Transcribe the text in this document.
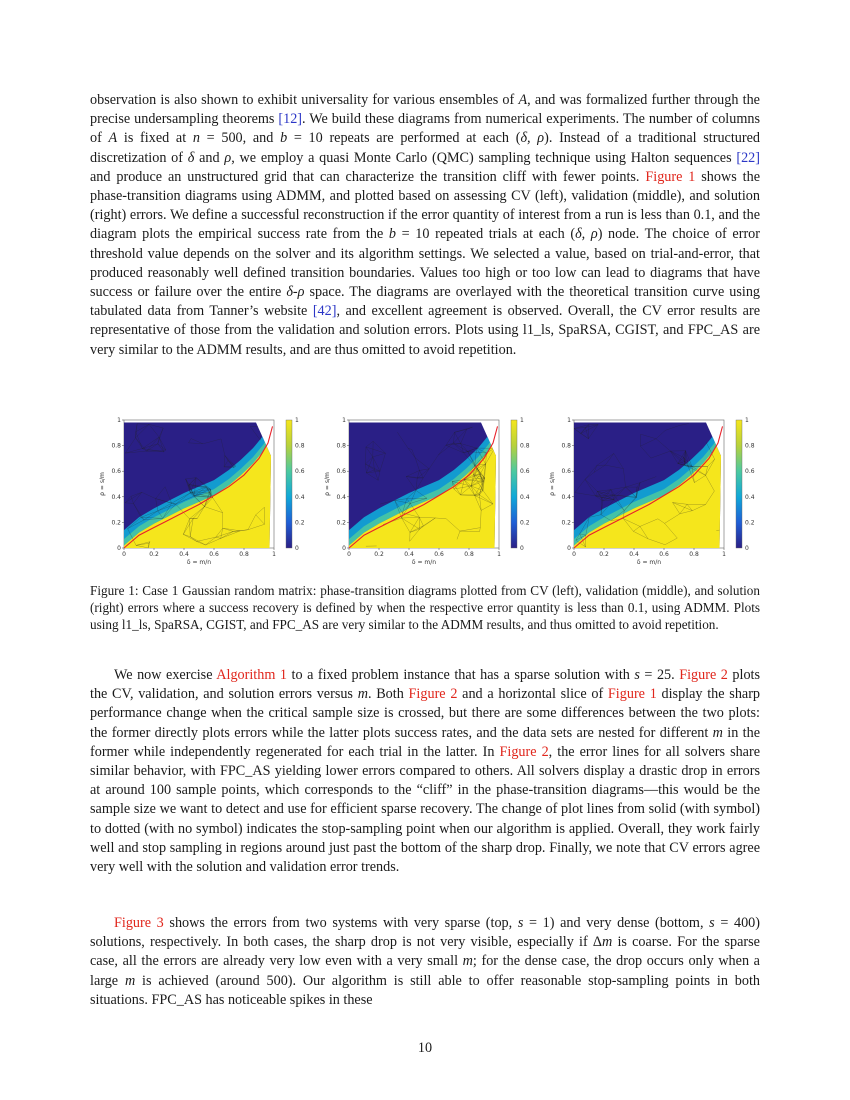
observation is also shown to exhibit universality for various ensembles of A, and was formalized further through the precise undersampling theorems [12]. We build these diagrams from numerical experiments. The number of columns of A is fixed at n = 500, and b = 10 repeats are performed at each (δ, ρ). Instead of a traditional structured discretization of δ and ρ, we employ a quasi Monte Carlo (QMC) sampling technique using Halton sequences [22] and produce an unstructured grid that can characterize the transition cliff with fewer points. Figure 1 shows the phase-transition diagrams using ADMM, and plotted based on assessing CV (left), validation (middle), and solution (right) errors. We define a successful reconstruction if the error quantity of interest from a run is less than 0.1, and the diagram plots the empirical success rate from the b = 10 repeated trials at each (δ, ρ) node. The choice of error threshold value depends on the solver and its algorithm settings. We selected a value, based on trial-and-error, that produced reasonably well defined transition boundaries. Values too high or too low can lead to diagrams that have success or failure over the entire δ-ρ space. The diagrams are overlayed with the theoretical transition curve using tabulated data from Tanner’s website [42], and excellent agreement is observed. Overall, the CV error results are representative of those from the validation and solution errors. Plots using l1_ls, SpaRSA, CGIST, and FPC_AS are very similar to the ADMM results, and are thus omitted to avoid repetition.

0	0.2	0.4	0.6	0.8	1
0
0.2
0.4
0.6
0.8
1
δ = m/n
ρ = s/m
0
0.2
0.4
0.6
0.8
1
0	0.2	0.4	0.6	0.8	1
0
0.2
0.4
0.6
0.8
1
δ = m/n
ρ = s/m
0
0.2
0.4
0.6
0.8
1
0	0.2	0.4	0.6	0.8	1
0
0.2
0.4
0.6
0.8
1
δ = m/n
ρ = s/m
0
0.2
0.4
0.6
0.8
1

Figure 1: Case 1 Gaussian random matrix: phase-transition diagrams plotted from CV (left), validation (middle), and solution (right) errors where a success recovery is defined by when the respective error quantity is less than 0.1, using ADMM. Plots using l1_ls, SpaRSA, CGIST, and FPC_AS are very similar to the ADMM results, and thus omitted to avoid repetition.

We now exercise Algorithm 1 to a fixed problem instance that has a sparse solution with s = 25. Figure 2 plots the CV, validation, and solution errors versus m. Both Figure 2 and a horizontal slice of Figure 1 display the sharp performance change when the critical sample size is crossed, but there are some differences between the two plots: the former directly plots errors while the latter plots success rates, and the data sets are nested for different m in the former while independently regenerated for each trial in the latter. In Figure 2, the error lines for all solvers share similar behavior, with FPC_AS yielding lower errors compared to others. All solvers display a drastic drop in errors at around 100 sample points, which corresponds to the “cliff” in the phase-transition diagrams—this would be the sample size we want to detect and use for efficient sparse recovery. The change of plot lines from solid (with symbol) to dotted (with no symbol) indicates the stop-sampling point when our algorithm is applied. Overall, they work fairly well and stop sampling in regions around just past the bottom of the sharp drop. Finally, we note that CV errors agree very well with the solution and validation error trends.

Figure 3 shows the errors from two systems with very sparse (top, s = 1) and very dense (bottom, s = 400) solutions, respectively. In both cases, the sharp drop is not very visible, especially if Δm is coarse. For the sparse case, all the errors are already very low even with a very small m; for the dense case, the drop occurs only when a large m is achieved (around 500). Our algorithm is still able to offer reasonable stop-sampling points in both situations. FPC_AS has noticeable spikes in these

10
